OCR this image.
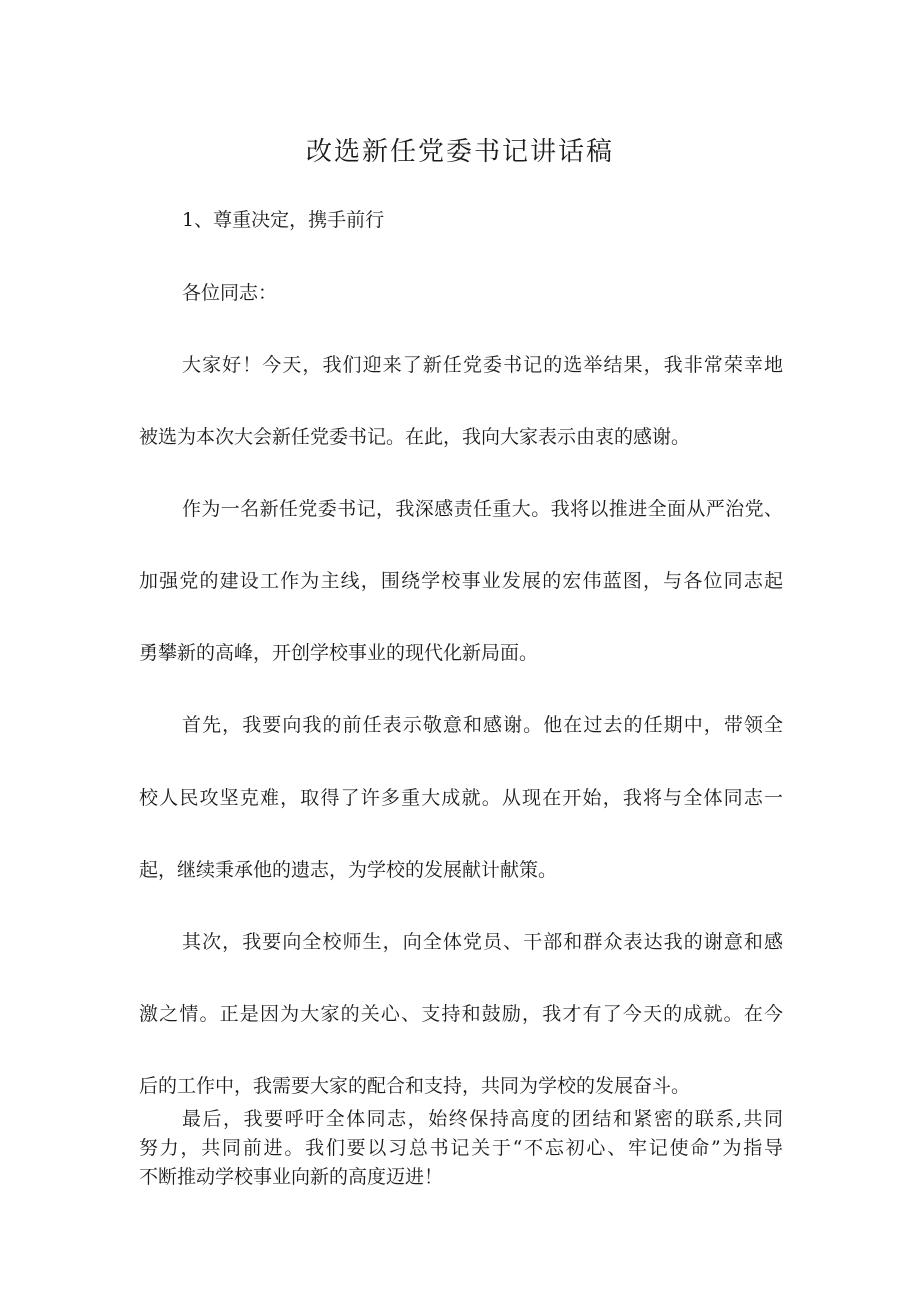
改选新任党委书记讲话稿
1、尊重决定，携手前行
各位同志：
大家好！今天，我们迎来了新任党委书记的选举结果，我非常荣幸地
被选为本次大会新任党委书记。在此，我向大家表示由衷的感谢。
作为一名新任党委书记，我深感责任重大。我将以推进全面从严治党、
加强党的建设工作为主线，围绕学校事业发展的宏伟蓝图，与各位同志起
勇攀新的高峰，开创学校事业的现代化新局面。
首先，我要向我的前任表示敬意和感谢。他在过去的任期中，带领全
校人民攻坚克难，取得了许多重大成就。从现在开始，我将与全体同志一
起，继续秉承他的遗志，为学校的发展献计献策。
其次，我要向全校师生，向全体党员、干部和群众表达我的谢意和感
激之情。正是因为大家的关心、支持和鼓励，我才有了今天的成就。在今
后的工作中，我需要大家的配合和支持，共同为学校的发展奋斗。
最后，我要呼吁全体同志，始终保持高度的团结和紧密的联系,共同
努力，共同前进。我们要以习总书记关于“不忘初心、牢记使命”为指导
不断推动学校事业向新的高度迈进！
